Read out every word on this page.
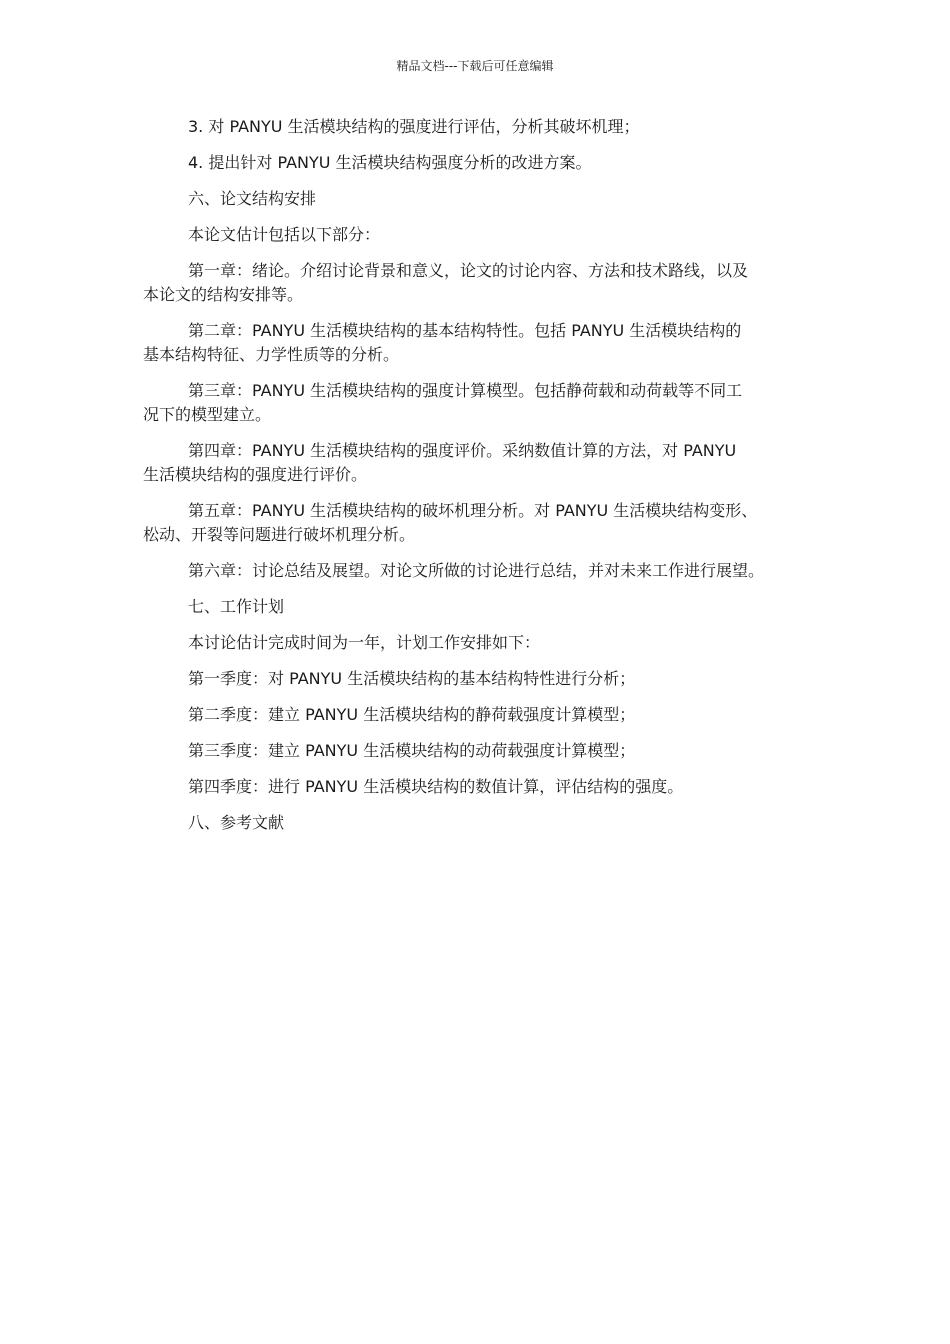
精品文档---下载后可任意编辑

3. 对 PANYU 生活模块结构的强度进行评估，分析其破坏机理；

4. 提出针对 PANYU 生活模块结构强度分析的改进方案。

六、论文结构安排

本论文估计包括以下部分：

第一章：绪论。介绍讨论背景和意义，论文的讨论内容、方法和技术路线，以及
本论文的结构安排等。

第二章：PANYU 生活模块结构的基本结构特性。包括 PANYU 生活模块结构的
基本结构特征、力学性质等的分析。

第三章：PANYU 生活模块结构的强度计算模型。包括静荷载和动荷载等不同工
况下的模型建立。

第四章：PANYU 生活模块结构的强度评价。采纳数值计算的方法，对 PANYU
生活模块结构的强度进行评价。

第五章：PANYU 生活模块结构的破坏机理分析。对 PANYU 生活模块结构变形、
松动、开裂等问题进行破坏机理分析。

第六章：讨论总结及展望。对论文所做的讨论进行总结，并对未来工作进行展望。

七、工作计划

本讨论估计完成时间为一年，计划工作安排如下：

第一季度：对 PANYU 生活模块结构的基本结构特性进行分析；

第二季度：建立 PANYU 生活模块结构的静荷载强度计算模型；

第三季度：建立 PANYU 生活模块结构的动荷载强度计算模型；

第四季度：进行 PANYU 生活模块结构的数值计算，评估结构的强度。

八、参考文献
